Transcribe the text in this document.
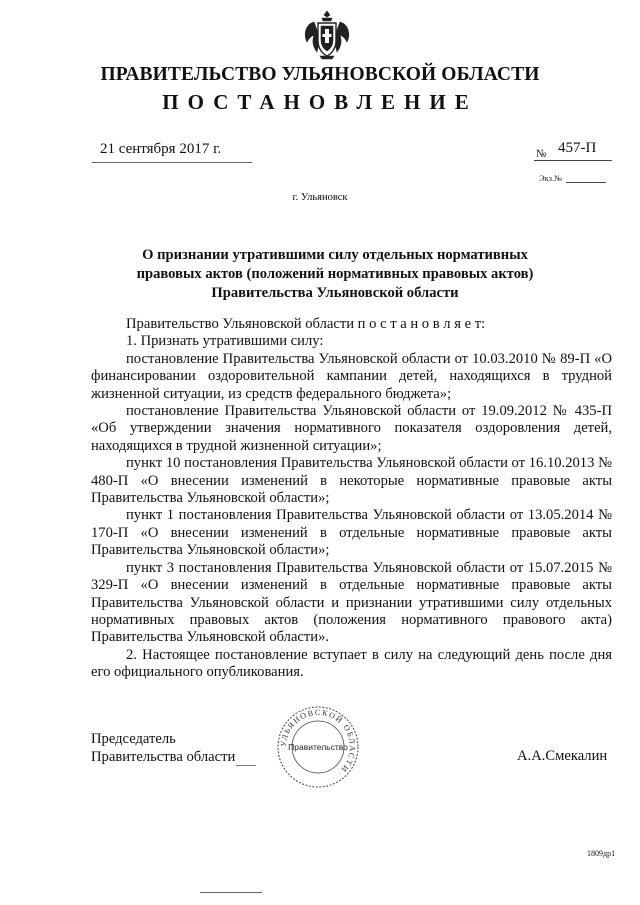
ПРАВИТЕЛЬСТВО УЛЬЯНОВСКОЙ ОБЛАСТИ
ПОСТАНОВЛЕНИЕ
21 сентября 2017 г.	№ 457-П
Экз.№
г. Ульяновск
О признании утратившими силу отдельных нормативных
правовых актов (положений нормативных правовых актов)
Правительства Ульяновской области

Правительство Ульяновской области п о с т а н о в л я е т:

1. Признать утратившими силу:

постановление Правительства Ульяновской области от 10.03.2010 № 89-П «О финансировании оздоровительной кампании детей, находящихся в трудной жизненной ситуации, из средств федерального бюджета»;

постановление Правительства Ульяновской области от 19.09.2012 № 435-П «Об утверждении значения нормативного показателя оздоровления детей, находящихся в трудной жизненной ситуации»;

пункт 10 постановления Правительства Ульяновской области от 16.10.2013 № 480-П «О внесении изменений в некоторые нормативные правовые акты Правительства Ульяновской области»;

пункт 1 постановления Правительства Ульяновской области от 13.05.2014 № 170-П «О внесении изменений в отдельные нормативные правовые акты Правительства Ульяновской области»;

пункт 3 постановления Правительства Ульяновской области от 15.07.2015 № 329-П «О внесении изменений в отдельные нормативные правовые акты Правительства Ульяновской области и признании утратившими силу отдельных нормативных правовых актов (положения нормативного правового акта) Правительства Ульяновской области».

2. Настоящее постановление вступает в силу на следующий день после дня его официального опубликования.

Председатель
Правительства области
УЛЬЯНОВСКОЙ ОБЛАСТИ
Правительство
А.А.Смекалин
1809др1
